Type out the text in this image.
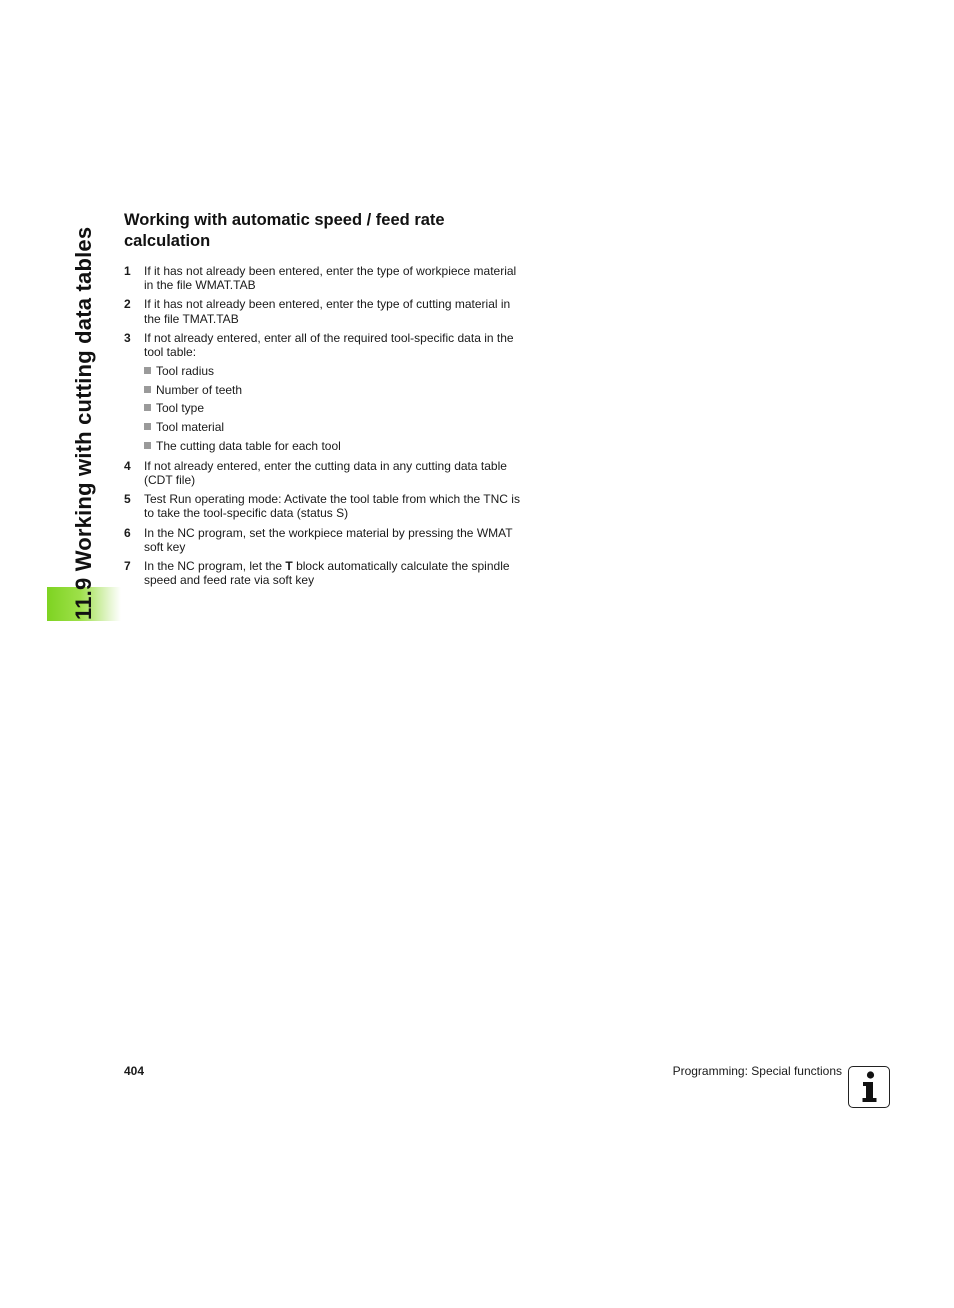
11.9 Working with cutting data tables
Working with automatic speed / feed rate calculation
1 If it has not already been entered, enter the type of workpiece material in the file WMAT.TAB
2 If it has not already been entered, enter the type of cutting material in the file TMAT.TAB
3 If not already entered, enter all of the required tool-specific data in the tool table:
Tool radius
Number of teeth
Tool type
Tool material
The cutting data table for each tool
4 If not already entered, enter the cutting data in any cutting data table (CDT file)
5 Test Run operating mode: Activate the tool table from which the TNC is to take the tool-specific data (status S)
6 In the NC program, set the workpiece material by pressing the WMAT soft key
7 In the NC program, let the T block automatically calculate the spindle speed and feed rate via soft key
404	Programming: Special functions
